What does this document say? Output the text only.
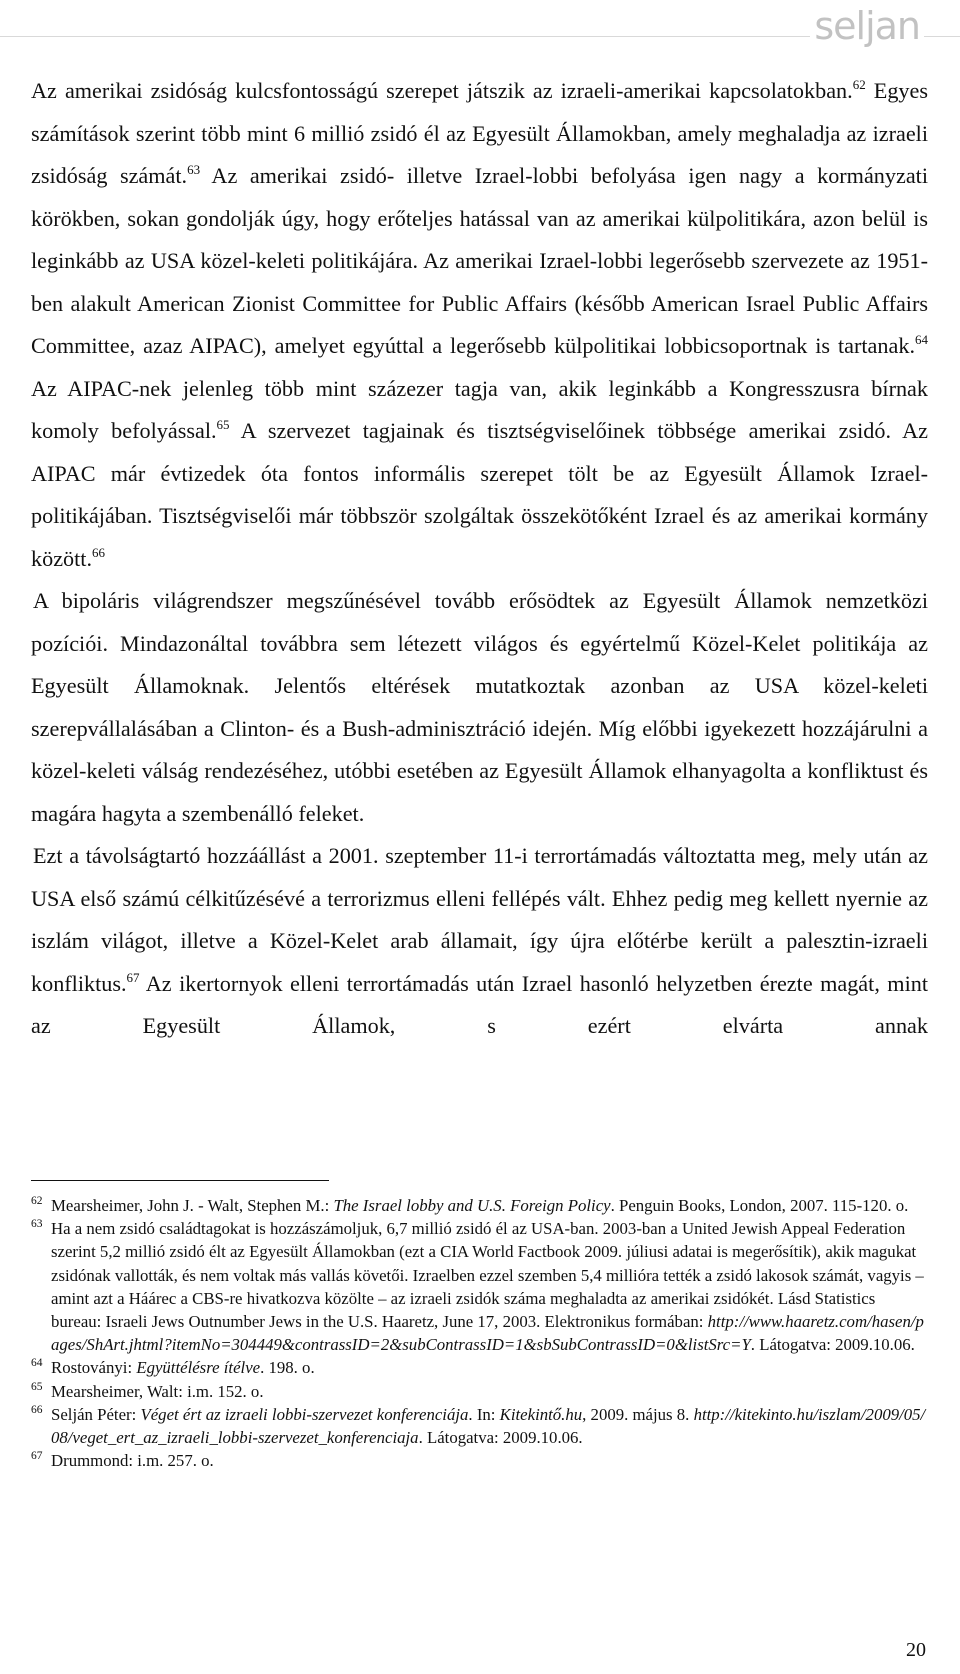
seljan

Az amerikai zsidóság kulcsfontosságú szerepet játszik az izraeli-amerikai kapcsolatokban.$^{62}$ Egyes számítások szerint több mint 6 millió zsidó él az Egyesült Államokban, amely meghaladja az izraeli zsidóság számát.$^{63}$ Az amerikai zsidó- illetve Izrael-lobbi befolyása igen nagy a kormányzati körökben, sokan gondolják úgy, hogy erőteljes hatással van az amerikai külpolitikára, azon belül is leginkább az USA közel-keleti politikájára. Az amerikai Izrael-lobbi legerősebb szervezete az 1951-ben alakult American Zionist Committee for Public Affairs (később American Israel Public Affairs Committee, azaz AIPAC), amelyet egyúttal a legerősebb külpolitikai lobbicsoportnak is tartanak.$^{64}$ Az AIPAC-nek jelenleg több mint százezer tagja van, akik leginkább a Kongresszusra bírnak komoly befolyással.$^{65}$ A szervezet tagjainak és tisztségviselőinek többsége amerikai zsidó. Az AIPAC már évtizedek óta fontos informális szerepet tölt be az Egyesült Államok Izrael-politikájában. Tisztségviselői már többször szolgáltak összekötőként Izrael és az amerikai kormány között.$^{66}$

A bipoláris világrendszer megszűnésével tovább erősödtek az Egyesült Államok nemzetközi pozíciói. Mindazonáltal továbbra sem létezett világos és egyértelmű Közel-Kelet politikája az Egyesült Államoknak. Jelentős eltérések mutatkoztak azonban az USA közel-keleti szerepvállalásában a Clinton- és a Bush-adminisztráció idején. Míg előbbi igyekezett hozzájárulni a közel-keleti válság rendezéséhez, utóbbi esetében az Egyesült Államok elhanyagolta a konfliktust és magára hagyta a szembenálló feleket.

Ezt a távolságtartó hozzáállást a 2001. szeptember 11-i terrortámadás változtatta meg, mely után az USA első számú célkitűzésévé a terrorizmus elleni fellépés vált. Ehhez pedig meg kellett nyernie az iszlám világot, illetve a Közel-Kelet arab államait, így újra előtérbe került a palesztin-izraeli konfliktus.$^{67}$ Az ikertornyok elleni terrortámadás után Izrael hasonló helyzetben érezte magát, mint az Egyesült Államok, s ezért elvárta annak

62 Mearsheimer, John J. - Walt, Stephen M.: The Israel lobby and U.S. Foreign Policy. Penguin Books, London, 2007. 115-120. o.

63 Ha a nem zsidó családtagokat is hozzászámoljuk, 6,7 millió zsidó él az USA-ban. 2003-ban a United Jewish Appeal Federation szerint 5,2 millió zsidó élt az Egyesült Államokban (ezt a CIA World Factbook 2009. júliusi adatai is megerősítik), akik magukat zsidónak vallották, és nem voltak más vallás követői. Izraelben ezzel szemben 5,4 millióra tették a zsidó lakosok számát, vagyis – amint azt a Háárec a CBS-re hivatkozva közölte – az izraeli zsidók száma meghaladta az amerikai zsidókét. Lásd Statistics bureau: Israeli Jews Outnumber Jews in the U.S. Haaretz, June 17, 2003. Elektronikus formában: http://www.haaretz.com/hasen/pages/ShArt.jhtml?itemNo=304449&contrassID=2&subContrassID=1&sbSubContrassID=0&listSrc=Y. Látogatva: 2009.10.06.

64 Rostoványi: Együttélésre ítélve. 198. o.

65 Mearsheimer, Walt: i.m. 152. o.

66 Selján Péter: Véget ért az izraeli lobbi-szervezet konferenciája. In: Kitekintő.hu, 2009. május 8. http://kitekinto.hu/iszlam/2009/05/08/veget_ert_az_izraeli_lobbi-szervezet_konferenciaja. Látogatva: 2009.10.06.

67 Drummond: i.m. 257. o.

20
